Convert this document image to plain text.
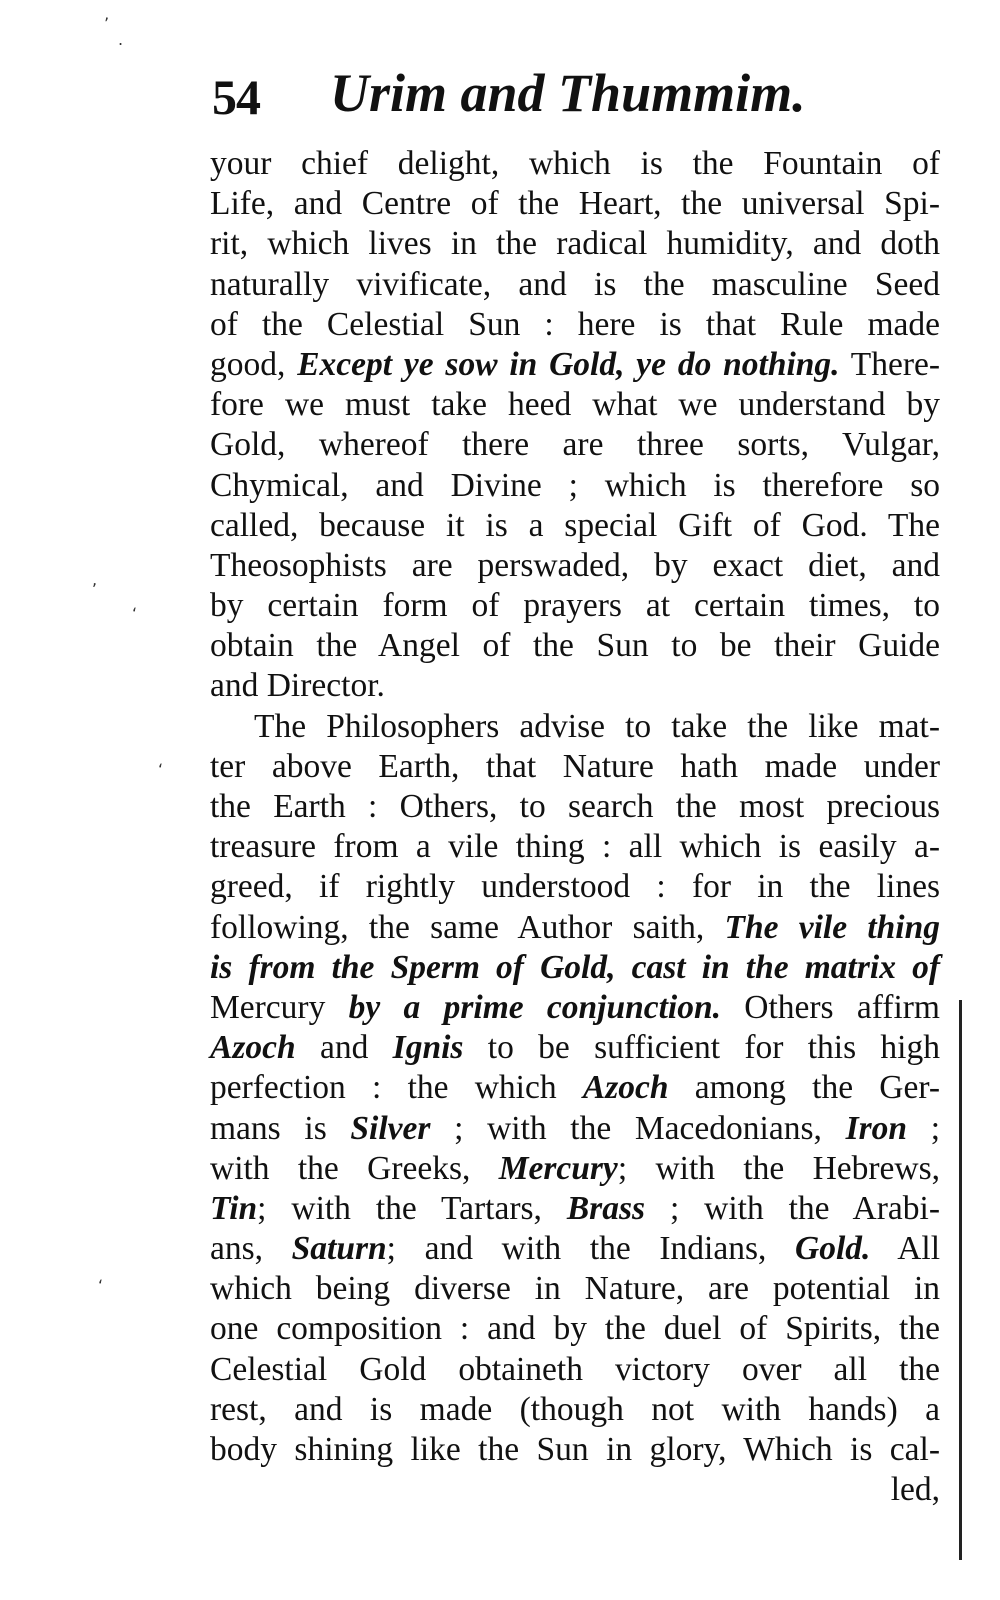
54 Urim and Thummim.
your chief delight, which is the Fountain of
Life, and Centre of the Heart, the universal Spi-
rit, which lives in the radical humidity, and doth
naturally vivificate, and is the masculine Seed
of the Celestial Sun : here is that Rule made
good, Except ye sow in Gold, ye do nothing. There-
fore we must take heed what we understand by
Gold, whereof there are three sorts, Vulgar,
Chymical, and Divine ; which is therefore so
called, because it is a special Gift of God. The
Theosophists are perswaded, by exact diet, and
by certain form of prayers at certain times, to
obtain the Angel of the Sun to be their Guide
and Director.
The Philosophers advise to take the like mat-
ter above Earth, that Nature hath made under
the Earth : Others, to search the most precious
treasure from a vile thing : all which is easily a-
greed, if rightly understood : for in the lines
following, the same Author saith, The vile thing
is from the Sperm of Gold, cast in the matrix of
Mercury by a prime conjunction. Others affirm
Azoch and Ignis to be sufficient for this high
perfection : the which Azoch among the Ger-
mans is Silver ; with the Macedonians, Iron ;
with the Greeks, Mercury; with the Hebrews,
Tin; with the Tartars, Brass ; with the Arabi-
ans, Saturn; and with the Indians, Gold. All
which being diverse in Nature, are potential in
one composition : and by the duel of Spirits, the
Celestial Gold obtaineth victory over all the
rest, and is made (though not with hands) a
body shining like the Sun in glory, Which is cal-
led,
’
.
,
‘
‘
‘
